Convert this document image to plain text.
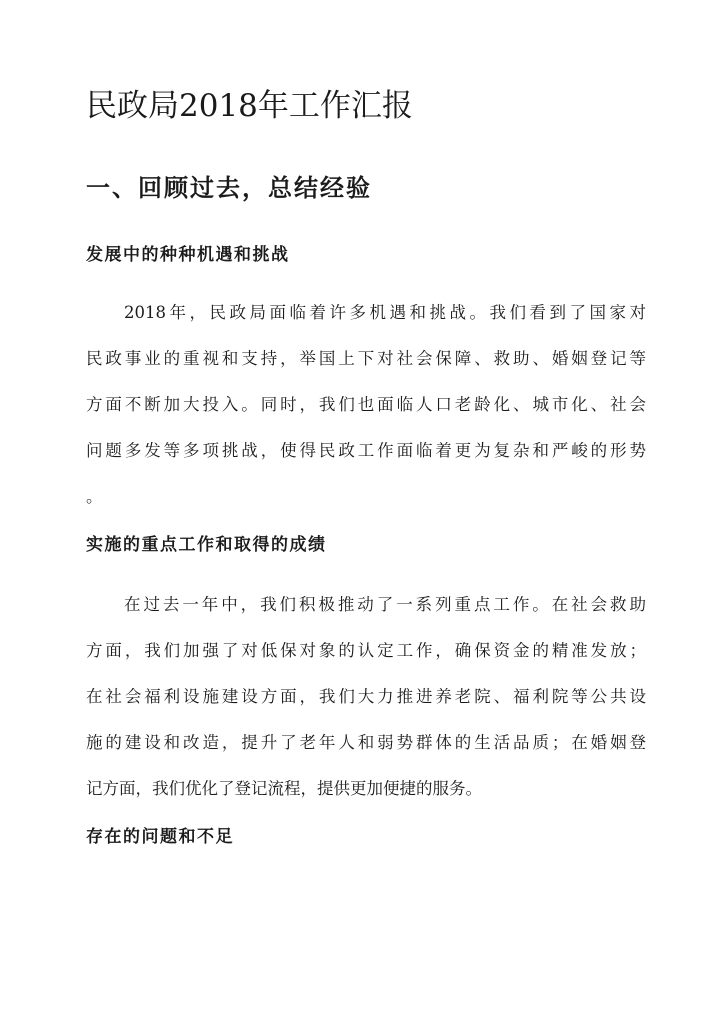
民政局2018年工作汇报
一、回顾过去，总结经验
发展中的种种机遇和挑战
2018年，民政局面临着许多机遇和挑战。我们看到了国家对
民政事业的重视和支持，举国上下对社会保障、救助、婚姻登记等
方面不断加大投入。同时，我们也面临人口老龄化、城市化、社会
问题多发等多项挑战，使得民政工作面临着更为复杂和严峻的形势
。
实施的重点工作和取得的成绩
在过去一年中，我们积极推动了一系列重点工作。在社会救助
方面，我们加强了对低保对象的认定工作，确保资金的精准发放；
在社会福利设施建设方面，我们大力推进养老院、福利院等公共设
施的建设和改造，提升了老年人和弱势群体的生活品质；在婚姻登
记方面，我们优化了登记流程，提供更加便捷的服务。
存在的问题和不足
